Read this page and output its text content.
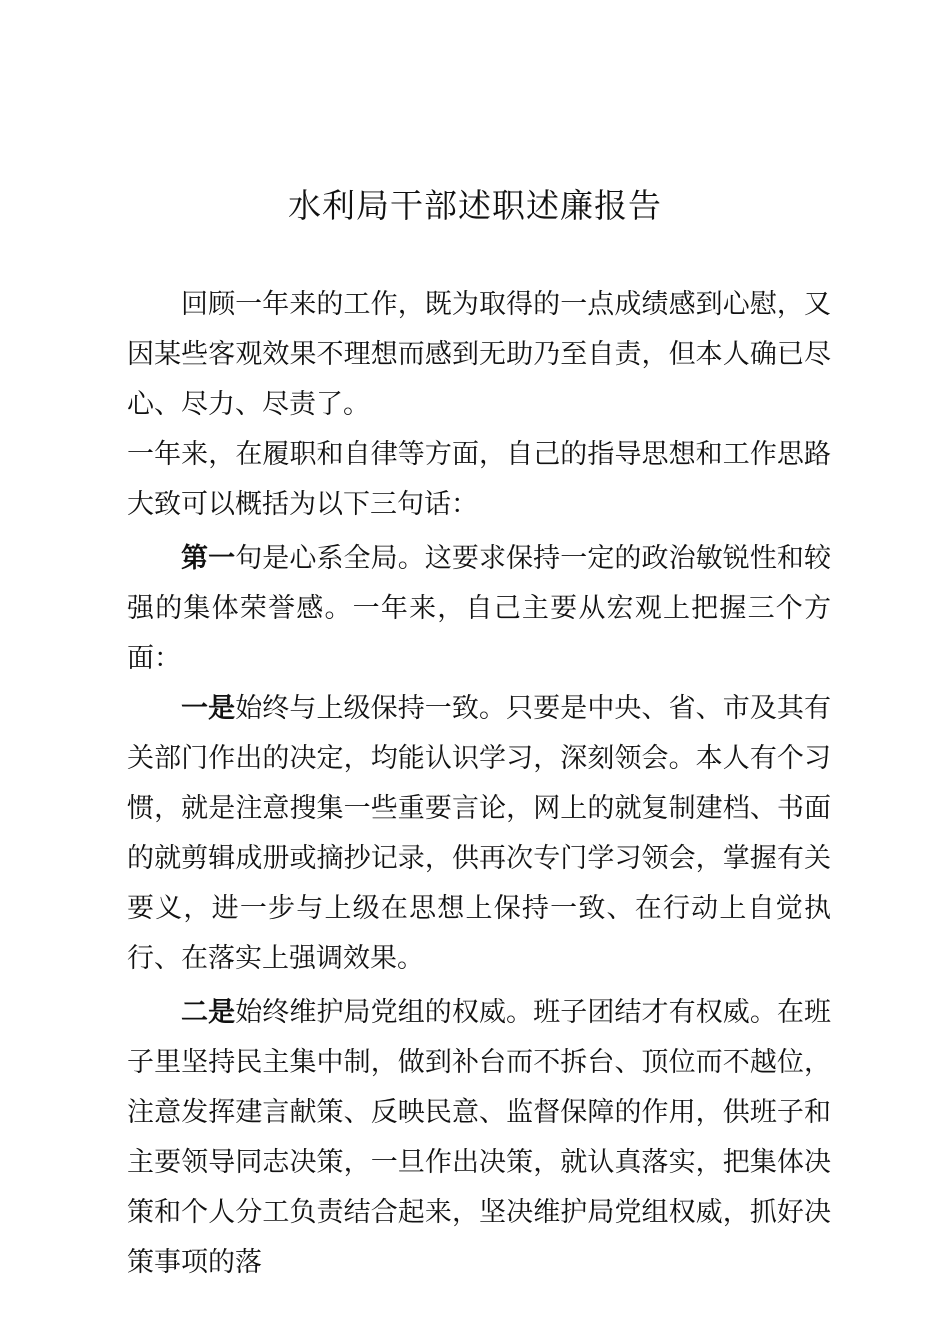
水利局干部述职述廉报告

回顾一年来的工作，既为取得的一点成绩感到心慰，又因某些客观效果不理想而感到无助乃至自责，但本人确已尽心、尽力、尽责了。

一年来，在履职和自律等方面，自己的指导思想和工作思路大致可以概括为以下三句话：

第一句是心系全局。这要求保持一定的政治敏锐性和较强的集体荣誉感。一年来，自己主要从宏观上把握三个方面：

一是始终与上级保持一致。只要是中央、省、市及其有关部门作出的决定，均能认识学习，深刻领会。本人有个习惯，就是注意搜集一些重要言论，网上的就复制建档、书面的就剪辑成册或摘抄记录，供再次专门学习领会，掌握有关要义，进一步与上级在思想上保持一致、在行动上自觉执行、在落实上强调效果。

二是始终维护局党组的权威。班子团结才有权威。在班子里坚持民主集中制，做到补台而不拆台、顶位而不越位，注意发挥建言献策、反映民意、监督保障的作用，供班子和主要领导同志决策，一旦作出决策，就认真落实，把集体决策和个人分工负责结合起来，坚决维护局党组权威，抓好决策事项的落
